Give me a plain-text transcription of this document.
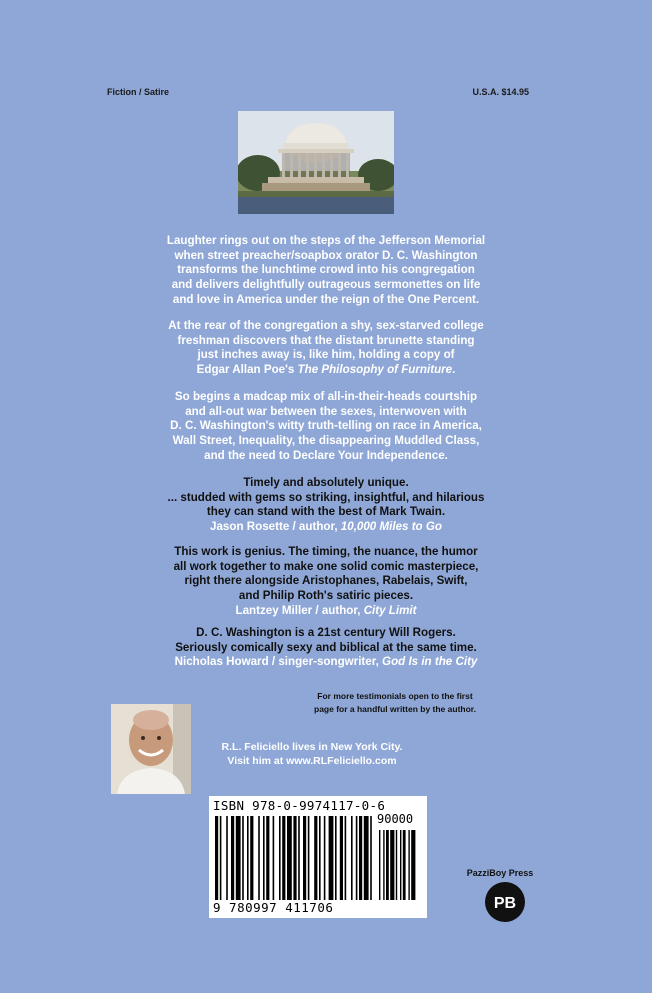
Fiction / Satire	U.S.A. $14.95
Laughter rings out on the steps of the Jefferson Memorial
when street preacher/soapbox orator D. C. Washington
transforms the lunchtime crowd into his congregation
and delivers delightfully outrageous sermonettes on life
and love in America under the reign of the One Percent.
At the rear of the congregation a shy, sex-starved college
freshman discovers that the distant brunette standing
just inches away is, like him, holding a copy of
Edgar Allan Poe's The Philosophy of Furniture.
So begins a madcap mix of all-in-their-heads courtship
and all-out war between the sexes, interwoven with
D. C. Washington's witty truth-telling on race in America,
Wall Street, Inequality, the disappearing Muddled Class,
and the need to Declare Your Independence.
Timely and absolutely unique.
... studded with gems so striking, insightful, and hilarious
they can stand with the best of Mark Twain.
Jason Rosette / author, 10,000 Miles to Go
This work is genius. The timing, the nuance, the humor
all work together to make one solid comic masterpiece,
right there alongside Aristophanes, Rabelais, Swift,
and Philip Roth's satiric pieces.
Lantzey Miller / author, City Limit
D. C. Washington is a 21st century Will Rogers.
Seriously comically sexy and biblical at the same time.
Nicholas Howard / singer-songwriter, God Is in the City
For more testimonials open to the first
page for a handful written by the author.
R.L. Feliciello lives in New York City.
Visit him at www.RLFeliciello.com
ISBN 978-0-9974117-0-6
90000
9 780997 411706
PazziBoy Press
PB
